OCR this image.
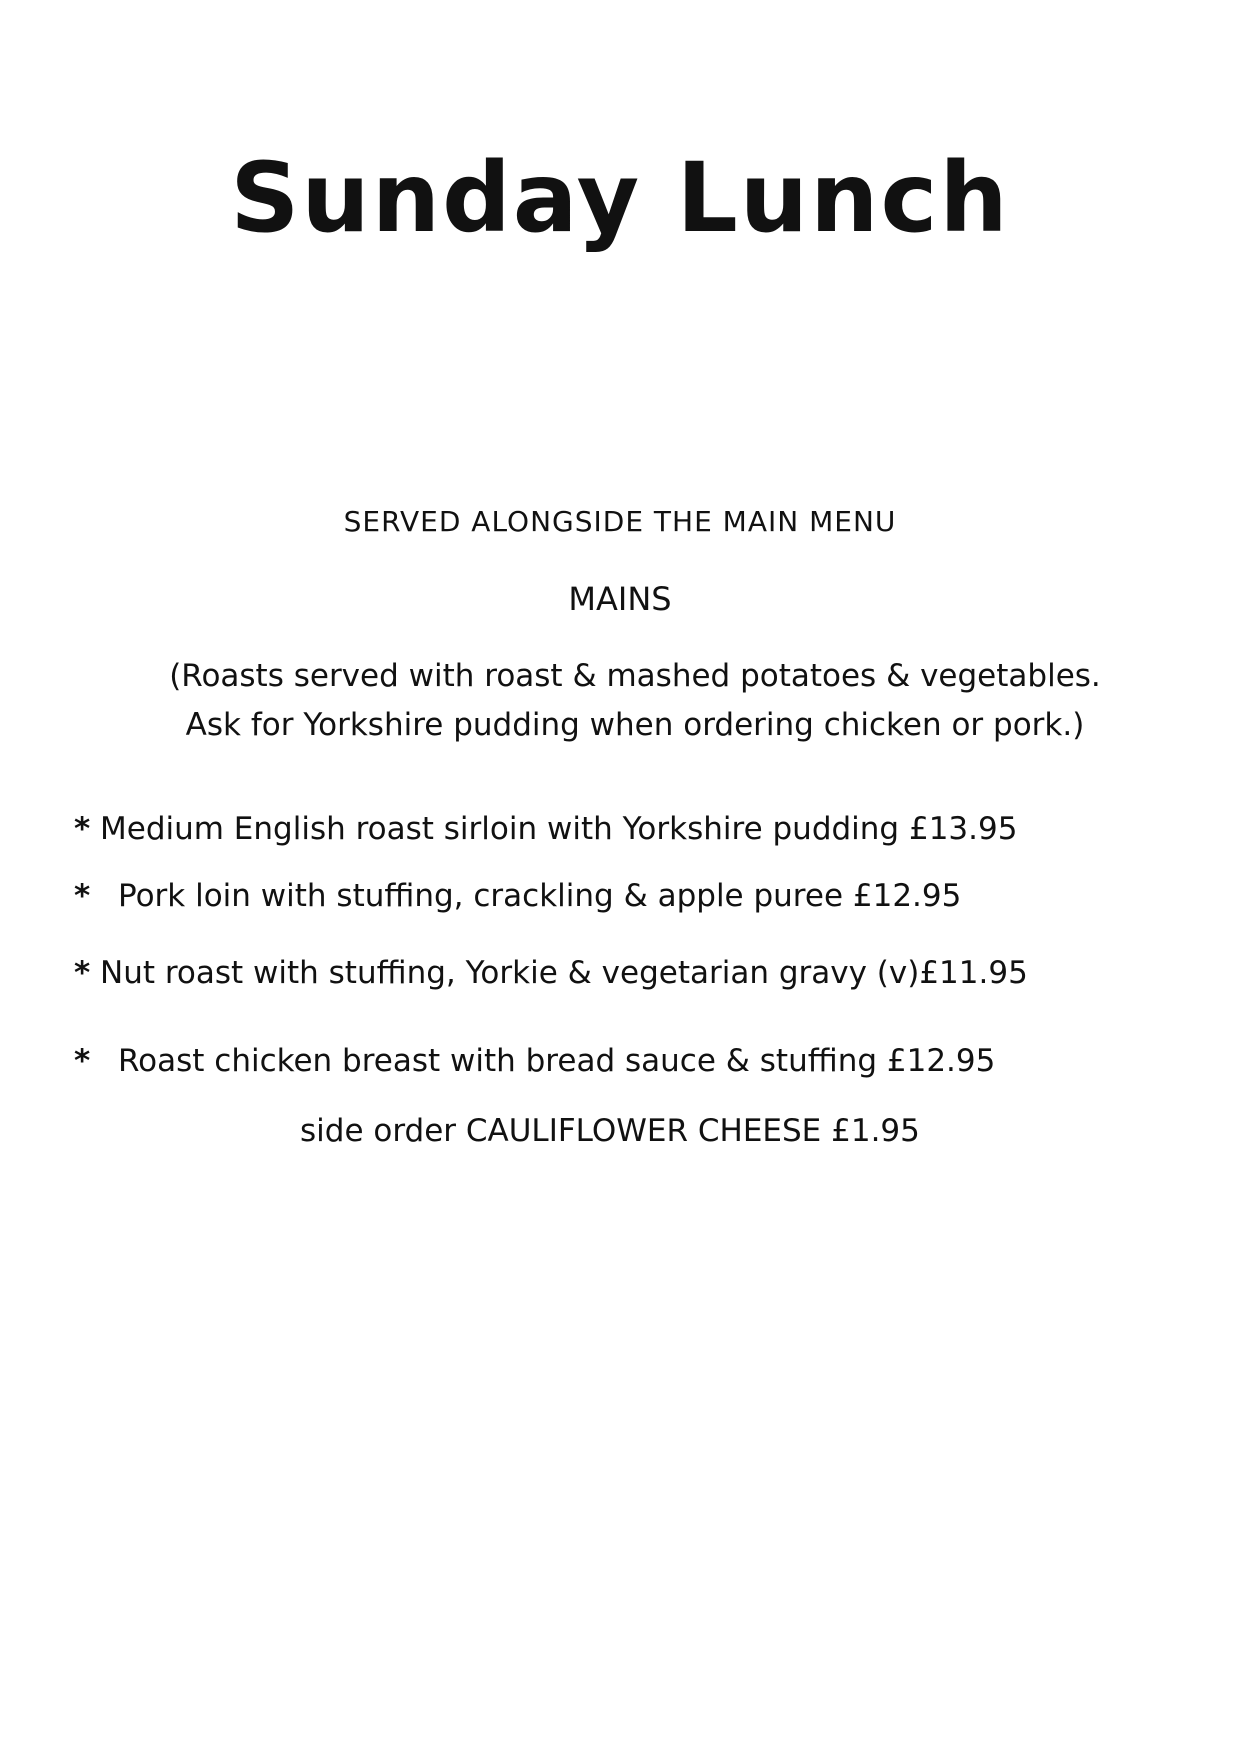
Sunday Lunch
SERVED ALONGSIDE THE MAIN MENU
MAINS
(Roasts served with roast & mashed potatoes & vegetables.
Ask for Yorkshire pudding when ordering chicken or pork.)
* Medium English roast sirloin with Yorkshire pudding £13.95
* Pork loin with stuffing, crackling & apple puree £12.95
* Nut roast with stuffing, Yorkie & vegetarian gravy (v)£11.95
* Roast chicken breast with bread sauce & stuffing £12.95
side order CAULIFLOWER CHEESE £1.95
